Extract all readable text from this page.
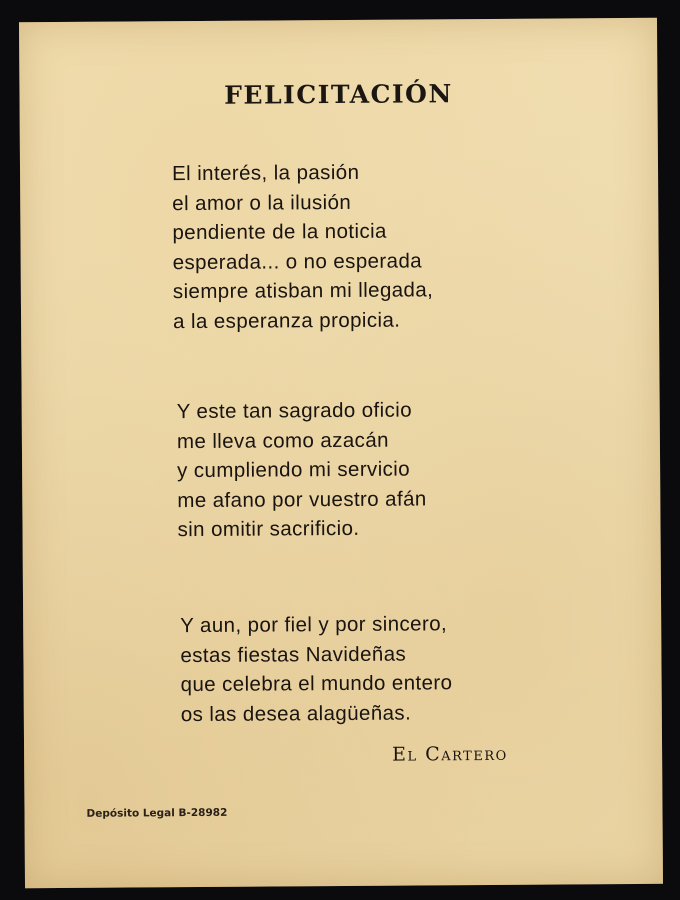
FELICITACIÓN
El interés, la pasión
el amor o la ilusión
pendiente de la noticia
esperada... o no esperada
siempre atisban mi llegada,
a la esperanza propicia.
Y este tan sagrado oficio
me lleva como azacán
y cumpliendo mi servicio
me afano por vuestro afán
sin omitir sacrificio.
Y aun, por fiel y por sincero,
estas fiestas Navideñas
que celebra el mundo entero
os las desea alagüeñas.
El Cartero
Depósito Legal B-28982
